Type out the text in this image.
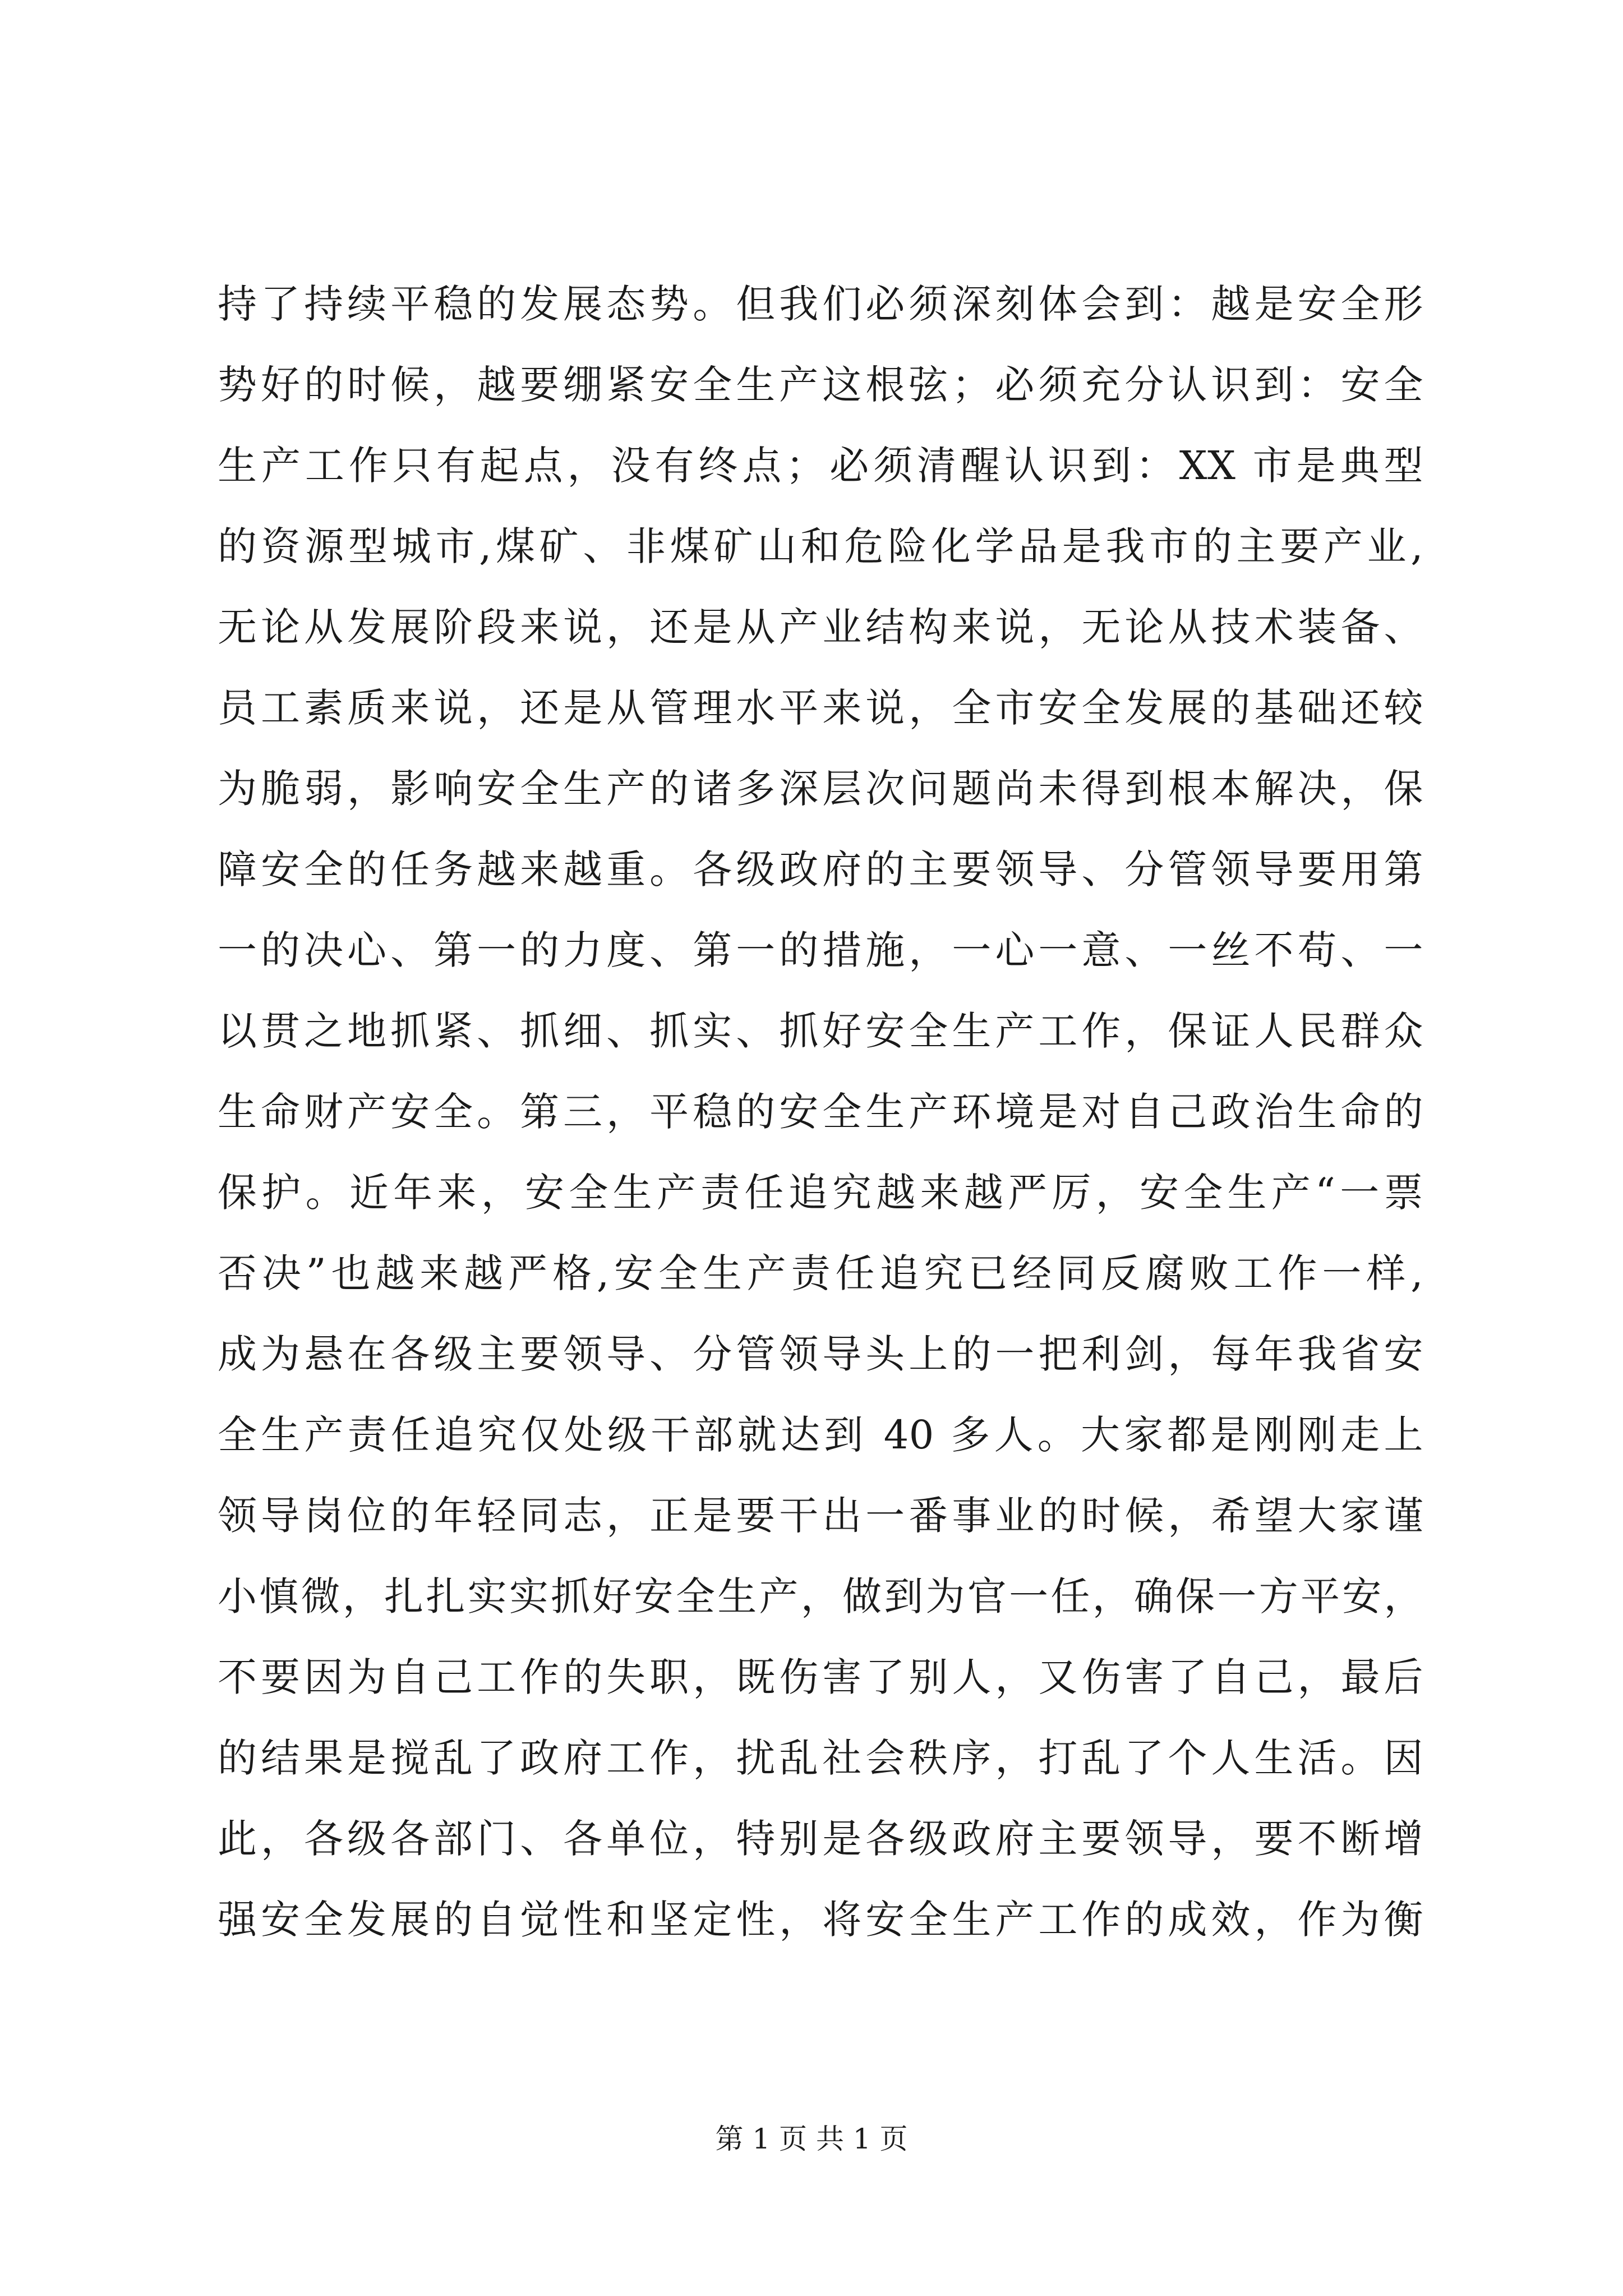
持了持续平稳的发展态势。但我们必须深刻体会到：越是安全形
势好的时候，越要绷紧安全生产这根弦；必须充分认识到：安全
生产工作只有起点，没有终点；必须清醒认识到：XX 市是典型
的资源型城市,煤矿、非煤矿山和危险化学品是我市的主要产业,
无论从发展阶段来说，还是从产业结构来说，无论从技术装备、
员工素质来说，还是从管理水平来说，全市安全发展的基础还较
为脆弱，影响安全生产的诸多深层次问题尚未得到根本解决，保
障安全的任务越来越重。各级政府的主要领导、分管领导要用第
一的决心、第一的力度、第一的措施，一心一意、一丝不苟、一
以贯之地抓紧、抓细、抓实、抓好安全生产工作，保证人民群众
生命财产安全。第三，平稳的安全生产环境是对自己政治生命的
保护。近年来，安全生产责任追究越来越严厉，安全生产“一票
否决”也越来越严格,安全生产责任追究已经同反腐败工作一样,
成为悬在各级主要领导、分管领导头上的一把利剑，每年我省安
全生产责任追究仅处级干部就达到 40 多人。大家都是刚刚走上
领导岗位的年轻同志，正是要干出一番事业的时候，希望大家谨
小慎微，扎扎实实抓好安全生产，做到为官一任，确保一方平安，
不要因为自己工作的失职，既伤害了别人，又伤害了自己，最后
的结果是搅乱了政府工作，扰乱社会秩序，打乱了个人生活。因
此，各级各部门、各单位，特别是各级政府主要领导，要不断增
强安全发展的自觉性和坚定性，将安全生产工作的成效，作为衡
第 1 页 共 1 页
